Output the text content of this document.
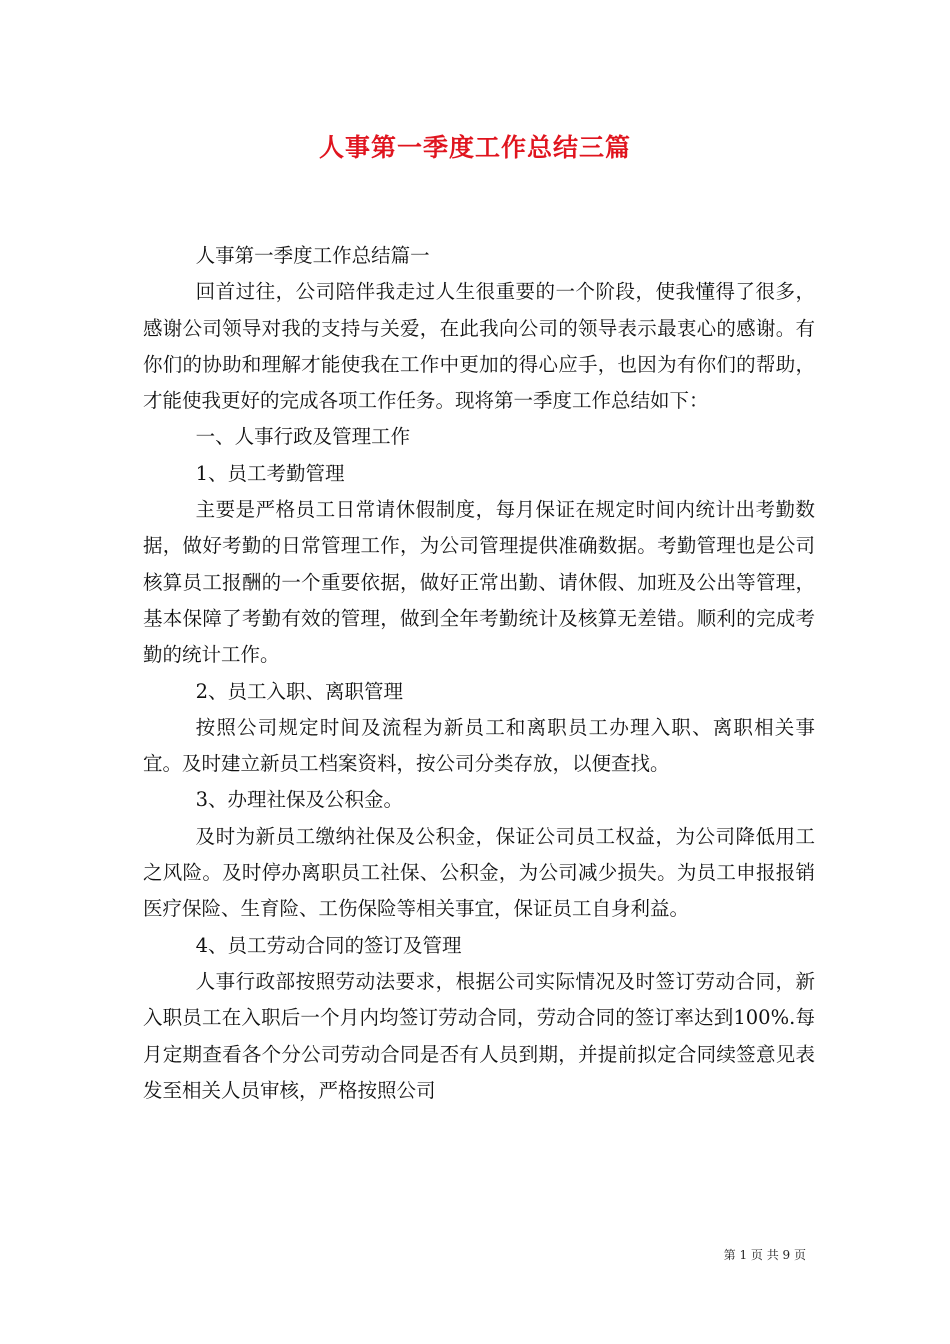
人事第一季度工作总结三篇

人事第一季度工作总结篇一

回首过往，公司陪伴我走过人生很重要的一个阶段，使我懂得了很多，感谢公司领导对我的支持与关爱，在此我向公司的领导表示最衷心的感谢。有你们的协助和理解才能使我在工作中更加的得心应手，也因为有你们的帮助，才能使我更好的完成各项工作任务。现将第一季度工作总结如下：

一、人事行政及管理工作

1、员工考勤管理

主要是严格员工日常请休假制度，每月保证在规定时间内统计出考勤数据，做好考勤的日常管理工作，为公司管理提供准确数据。考勤管理也是公司核算员工报酬的一个重要依据，做好正常出勤、请休假、加班及公出等管理，基本保障了考勤有效的管理，做到全年考勤统计及核算无差错。顺利的完成考勤的统计工作。

2、员工入职、离职管理

按照公司规定时间及流程为新员工和离职员工办理入职、离职相关事宜。及时建立新员工档案资料，按公司分类存放，以便查找。

3、办理社保及公积金。

及时为新员工缴纳社保及公积金，保证公司员工权益，为公司降低用工之风险。及时停办离职员工社保、公积金，为公司减少损失。为员工申报报销医疗保险、生育险、工伤保险等相关事宜，保证员工自身利益。

4、员工劳动合同的签订及管理

人事行政部按照劳动法要求，根据公司实际情况及时签订劳动合同，新入职员工在入职后一个月内均签订劳动合同，劳动合同的签订率达到100%.每月定期查看各个分公司劳动合同是否有人员到期，并提前拟定合同续签意见表发至相关人员审核，严格按照公司

第 1 页 共 9 页
